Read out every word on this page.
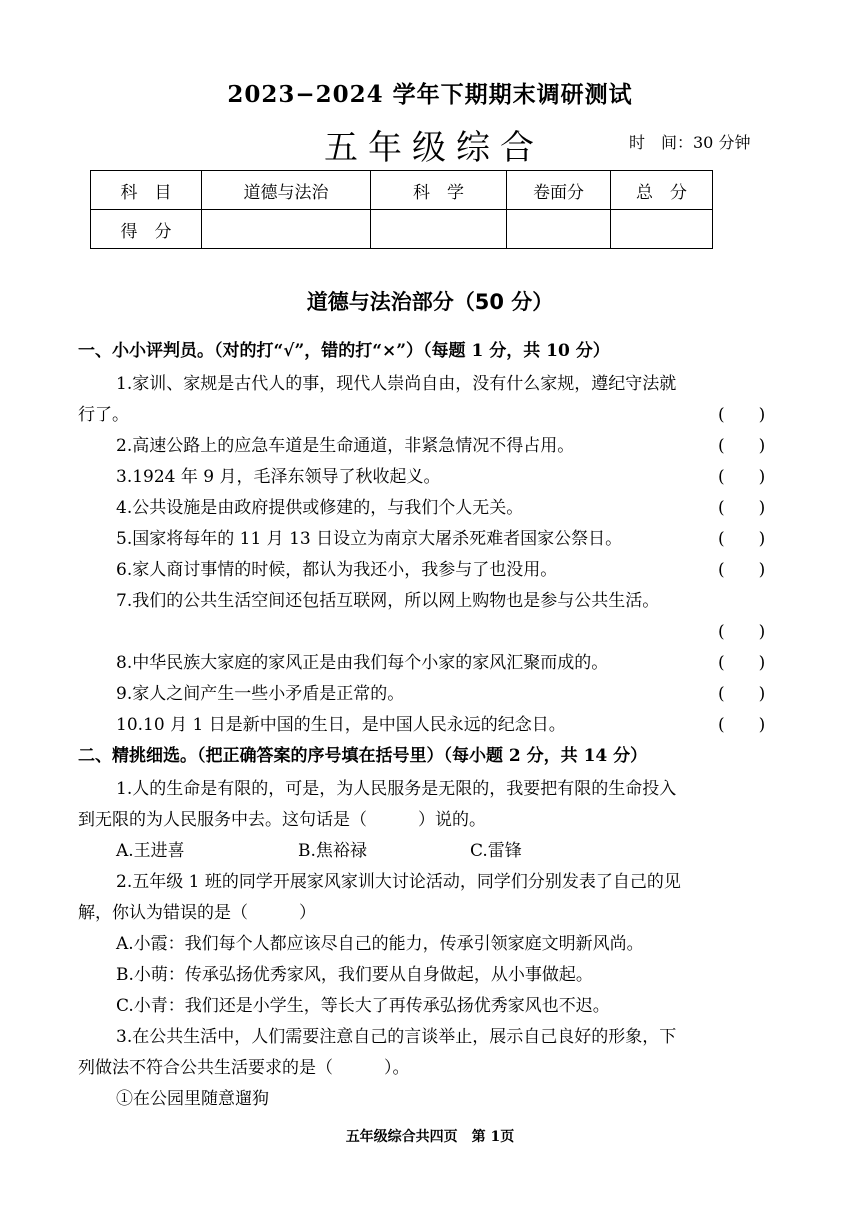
2023−2024 学年下期期末调研测试
五年级综合	时　间：30 分钟
科　目	道德与法治	科　学	卷面分	总　分
得　分				
道德与法治部分（50 分）
一、小小评判员。（对的打“√”，错的打“×”）（每题 1 分，共 10 分）
1.家训、家规是古代人的事，现代人崇尚自由，没有什么家规，遵纪守法就
行了。	(　　)
2.高速公路上的应急车道是生命通道，非紧急情况不得占用。	(　　)
3.1924 年 9 月，毛泽东领导了秋收起义。	(　　)
4.公共设施是由政府提供或修建的，与我们个人无关。	(　　)
5.国家将每年的 11 月 13 日设立为南京大屠杀死难者国家公祭日。	(　　)
6.家人商讨事情的时候，都认为我还小，我参与了也没用。	(　　)
7.我们的公共生活空间还包括互联网，所以网上购物也是参与公共生活。
(　　)
8.中华民族大家庭的家风正是由我们每个小家的家风汇聚而成的。	(　　)
9.家人之间产生一些小矛盾是正常的。	(　　)
10.10 月 1 日是新中国的生日，是中国人民永远的纪念日。	(　　)
二、精挑细选。（把正确答案的序号填在括号里）（每小题 2 分，共 14 分）
1.人的生命是有限的，可是，为人民服务是无限的，我要把有限的生命投入
到无限的为人民服务中去。这句话是（　　　）说的。
A.王进喜	B.焦裕禄	C.雷锋
2.五年级 1 班的同学开展家风家训大讨论活动，同学们分别发表了自己的见
解，你认为错误的是（　　　）
A.小霞：我们每个人都应该尽自己的能力，传承引领家庭文明新风尚。
B.小萌：传承弘扬优秀家风，我们要从自身做起，从小事做起。
C.小青：我们还是小学生，等长大了再传承弘扬优秀家风也不迟。
3.在公共生活中，人们需要注意自己的言谈举止，展示自己良好的形象，下
列做法不符合公共生活要求的是（　　　）。
①在公园里随意遛狗
五年级综合共四页　第 1页
